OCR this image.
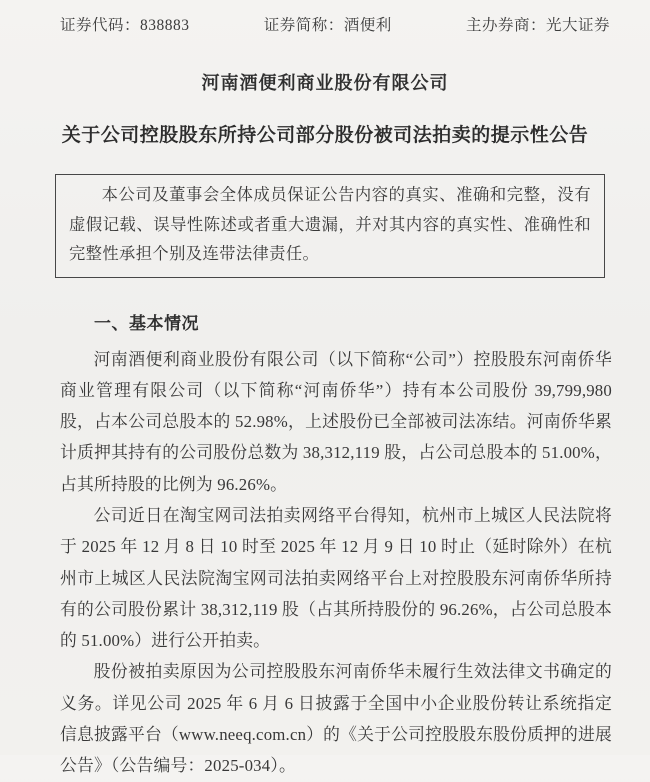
证券代码：838883	证券简称：酒便利	主办券商：光大证券
河南酒便利商业股份有限公司
关于公司控股股东所持公司部分股份被司法拍卖的提示性公告

本公司及董事会全体成员保证公告内容的真实、准确和完整，没有虚假记载、误导性陈述或者重大遗漏，并对其内容的真实性、准确性和完整性承担个别及连带法律责任。

一、基本情况

河南酒便利商业股份有限公司（以下简称“公司”）控股股东河南侨华商业管理有限公司（以下简称“河南侨华”）持有本公司股份 39,799,980 股，占本公司总股本的 52.98%，上述股份已全部被司法冻结。河南侨华累计质押其持有的公司股份总数为 38,312,119 股，占公司总股本的 51.00%，占其所持股的比例为 96.26%。

公司近日在淘宝网司法拍卖网络平台得知，杭州市上城区人民法院将于 2025 年 12 月 8 日 10 时至 2025 年 12 月 9 日 10 时止（延时除外）在杭州市上城区人民法院淘宝网司法拍卖网络平台上对控股股东河南侨华所持有的公司股份累计 38,312,119 股（占其所持股份的 96.26%，占公司总股本的 51.00%）进行公开拍卖。

股份被拍卖原因为公司控股股东河南侨华未履行生效法律文书确定的义务。详见公司 2025 年 6 月 6 日披露于全国中小企业股份转让系统指定信息披露平台（www.neeq.com.cn）的《关于公司控股股东股份质押的进展公告》（公告编号：2025-034）。
